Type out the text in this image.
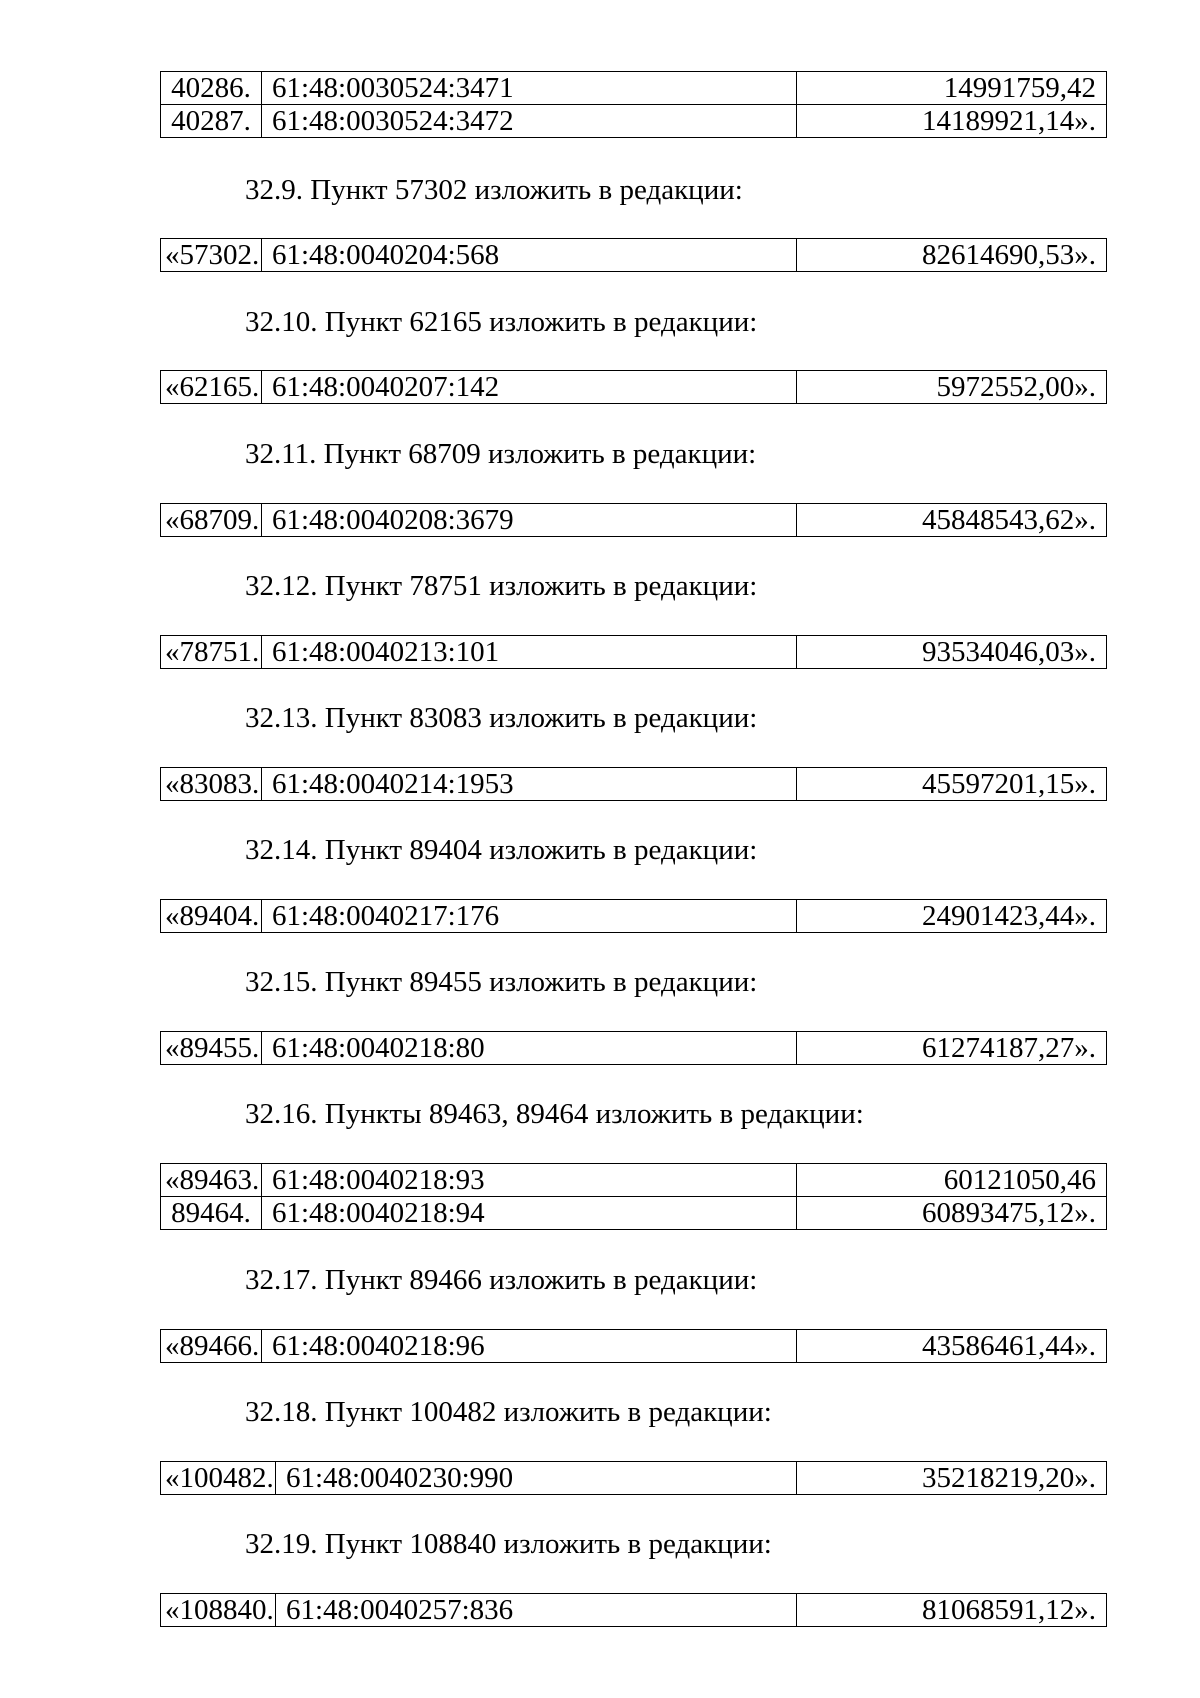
40286.	61:48:0030524:3471	14991759,42
40287.	61:48:0030524:3472	14189921,14».
32.9. Пункт 57302 изложить в редакции:
«57302.	61:48:0040204:568	82614690,53».
32.10. Пункт 62165 изложить в редакции:
«62165.	61:48:0040207:142	5972552,00».
32.11. Пункт 68709 изложить в редакции:
«68709.	61:48:0040208:3679	45848543,62».
32.12. Пункт 78751 изложить в редакции:
«78751.	61:48:0040213:101	93534046,03».
32.13. Пункт 83083 изложить в редакции:
«83083.	61:48:0040214:1953	45597201,15».
32.14. Пункт 89404 изложить в редакции:
«89404.	61:48:0040217:176	24901423,44».
32.15. Пункт 89455 изложить в редакции:
«89455.	61:48:0040218:80	61274187,27».
32.16. Пункты 89463, 89464 изложить в редакции:
«89463.	61:48:0040218:93	60121050,46
89464.	61:48:0040218:94	60893475,12».
32.17. Пункт 89466 изложить в редакции:
«89466.	61:48:0040218:96	43586461,44».
32.18. Пункт 100482 изложить в редакции:
«100482.	61:48:0040230:990	35218219,20».
32.19. Пункт 108840 изложить в редакции:
«108840.	61:48:0040257:836	81068591,12».
